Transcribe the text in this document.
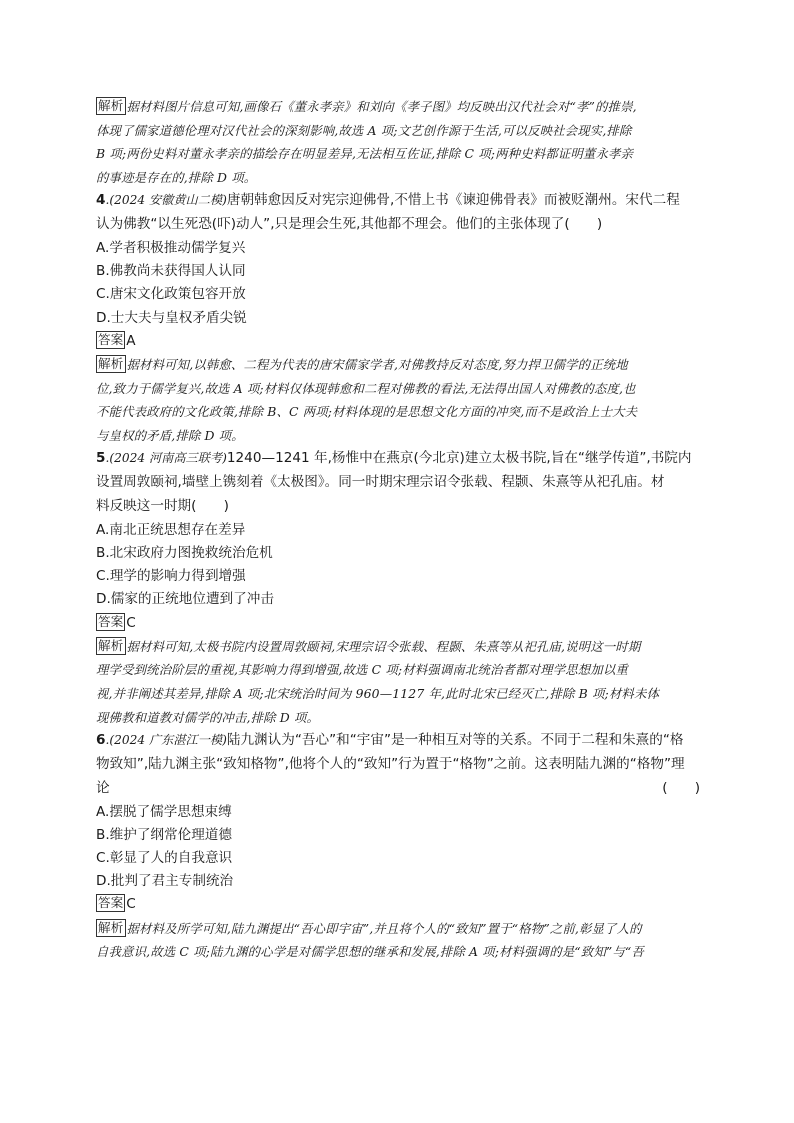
解析 据材料图片信息可知,画像石《董永孝亲》和刘向《孝子图》均反映出汉代社会对“孝”的推崇,
体现了儒家道德伦理对汉代社会的深刻影响,故选 A 项;文艺创作源于生活,可以反映社会现实,排除
B 项;两份史料对董永孝亲的描绘存在明显差异,无法相互佐证,排除 C 项;两种史料都证明董永孝亲
的事迹是存在的,排除 D 项。
4.(2024 安徽黄山二模)唐朝韩愈因反对宪宗迎佛骨,不惜上书《谏迎佛骨表》而被贬潮州。宋代二程
认为佛教“以生死恐(吓)动人”,只是理会生死,其他都不理会。他们的主张体现了(　　)
A.学者积极推动儒学复兴
B.佛教尚未获得国人认同
C.唐宋文化政策包容开放
D.士大夫与皇权矛盾尖锐
答案 A
解析 据材料可知,以韩愈、二程为代表的唐宋儒家学者,对佛教持反对态度,努力捍卫儒学的正统地
位,致力于儒学复兴,故选 A 项;材料仅体现韩愈和二程对佛教的看法,无法得出国人对佛教的态度,也
不能代表政府的文化政策,排除 B、C 两项;材料体现的是思想文化方面的冲突,而不是政治上士大夫
与皇权的矛盾,排除 D 项。
5.(2024 河南高三联考)1240—1241 年,杨惟中在燕京(今北京)建立太极书院,旨在“继学传道”,书院内
设置周敦颐祠,墙壁上镌刻着《太极图》。同一时期宋理宗诏令张载、程颢、朱熹等从祀孔庙。材
料反映这一时期(　　)
A.南北正统思想存在差异
B.北宋政府力图挽救统治危机
C.理学的影响力得到增强
D.儒家的正统地位遭到了冲击
答案 C
解析 据材料可知,太极书院内设置周敦颐祠,宋理宗诏令张载、程颢、朱熹等从祀孔庙,说明这一时期
理学受到统治阶层的重视,其影响力得到增强,故选 C 项;材料强调南北统治者都对理学思想加以重
视,并非阐述其差异,排除 A 项;北宋统治时间为 960—1127 年,此时北宋已经灭亡,排除 B 项;材料未体
现佛教和道教对儒学的冲击,排除 D 项。
6.(2024 广东湛江一模)陆九渊认为“吾心”和“宇宙”是一种相互对等的关系。不同于二程和朱熹的“格
物致知”,陆九渊主张“致知格物”,他将个人的“致知”行为置于“格物”之前。这表明陆九渊的“格物”理
论	(　　)
A.摆脱了儒学思想束缚
B.维护了纲常伦理道德
C.彰显了人的自我意识
D.批判了君主专制统治
答案 C
解析 据材料及所学可知,陆九渊提出“吾心即宇宙”,并且将个人的“致知”置于“格物”之前,彰显了人的
自我意识,故选 C 项;陆九渊的心学是对儒学思想的继承和发展,排除 A 项;材料强调的是“致知”与“吾
